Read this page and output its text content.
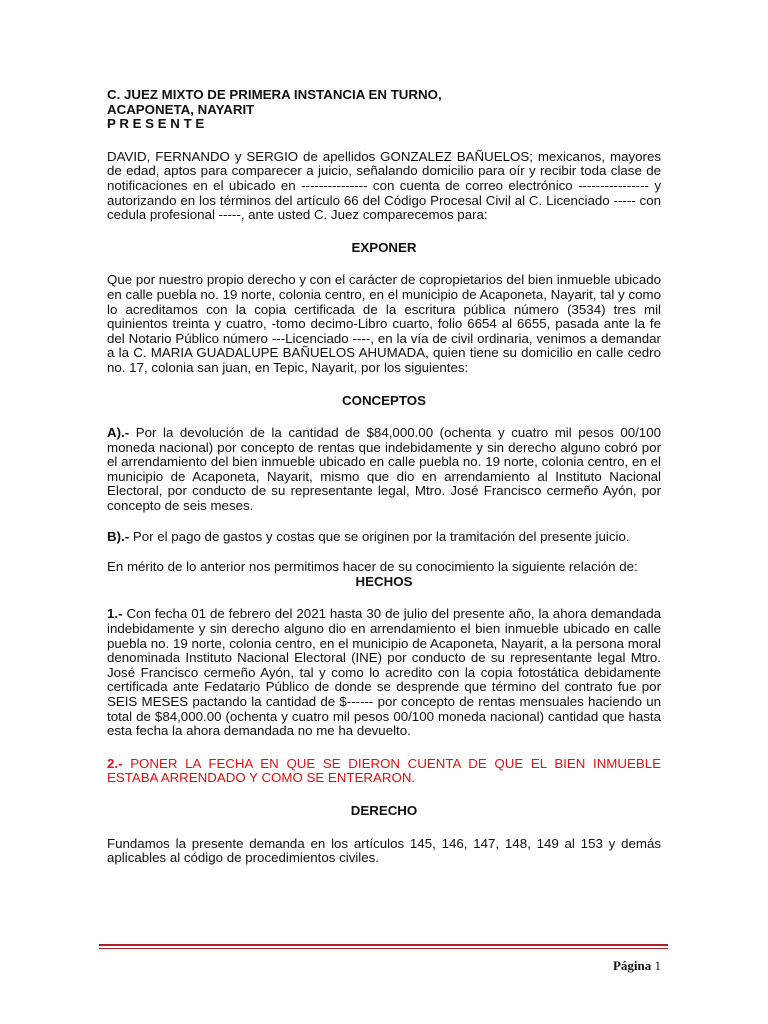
C. JUEZ MIXTO DE PRIMERA INSTANCIA EN TURNO,
ACAPONETA, NAYARIT
P R E S E N T E

DAVID, FERNANDO y SERGIO de apellidos GONZALEZ BAÑUELOS; mexicanos, mayores de edad, aptos para comparecer a juicio, señalando domicilio para oír y recibir toda clase de notificaciones en el ubicado en --------------- con cuenta de correo electrónico ---------------- y autorizando en los términos del artículo 66 del Código Procesal Civil al C. Licenciado ----- con cedula profesional -----, ante usted C. Juez comparecemos para:

EXPONER

Que por nuestro propio derecho y con el carácter de copropietarios del bien inmueble ubicado en calle puebla no. 19 norte, colonia centro, en el municipio de Acaponeta, Nayarit, tal y como lo acreditamos con la copia certificada de la escritura pública número (3534) tres mil quinientos treinta y cuatro, -tomo decimo-Libro cuarto, folio 6654 al 6655, pasada ante la fe del Notario Público número ---Licenciado ----, en la vía de civil ordinaria, venimos a demandar a la C. MARIA GUADALUPE BAÑUELOS AHUMADA, quien tiene su domicilio en calle cedro no. 17, colonia san juan, en Tepic, Nayarit, por los siguientes:

CONCEPTOS

A).- Por la devolución de la cantidad de $84,000.00 (ochenta y cuatro mil pesos 00/100 moneda nacional) por concepto de rentas que indebidamente y sin derecho alguno cobró por el arrendamiento del bien inmueble ubicado en calle puebla no. 19 norte, colonia centro, en el municipio de Acaponeta, Nayarit, mismo que dio en arrendamiento al Instituto Nacional Electoral, por conducto de su representante legal, Mtro. José Francisco cermeño Ayón, por concepto de seis meses.

B).- Por el pago de gastos y costas que se originen por la tramitación del presente juicio.

En mérito de lo anterior nos permitimos hacer de su conocimiento la siguiente relación de:

HECHOS

1.- Con fecha 01 de febrero del 2021 hasta 30 de julio del presente año, la ahora demandada indebidamente y sin derecho alguno dio en arrendamiento el bien inmueble ubicado en calle puebla no. 19 norte, colonia centro, en el municipio de Acaponeta, Nayarit, a la persona moral denominada Instituto Nacional Electoral (INE) por conducto de su representante legal Mtro. José Francisco cermeño Ayón, tal y como lo acredito con la copia fotostática debidamente certificada ante Fedatario Público de donde se desprende que término del contrato fue por SEIS MESES pactando la cantidad de $------ por concepto de rentas mensuales haciendo un total de $84,000.00 (ochenta y cuatro mil pesos 00/100 moneda nacional) cantidad que hasta esta fecha la ahora demandada no me ha devuelto.

2.- PONER LA FECHA EN QUE SE DIERON CUENTA DE QUE EL BIEN INMUEBLE ESTABA ARRENDADO Y COMO SE ENTERARON.

DERECHO

Fundamos la presente demanda en los artículos 145, 146, 147, 148, 149 al 153 y demás aplicables al código de procedimientos civiles.

Página 1
